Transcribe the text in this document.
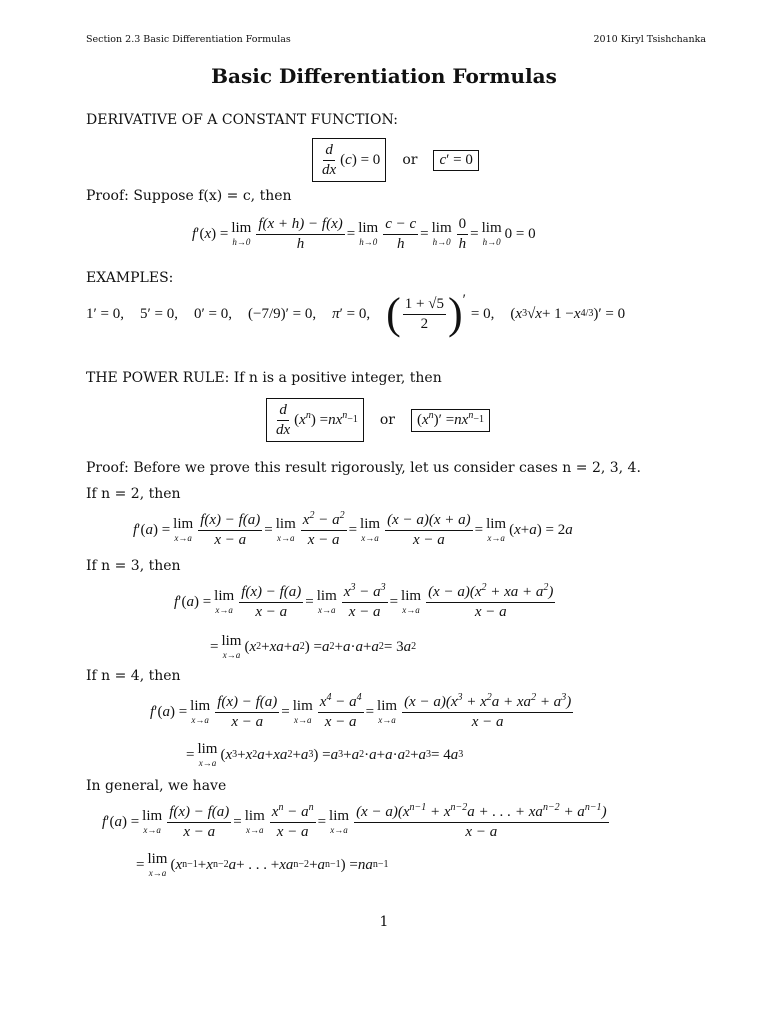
Section 2.3 Basic Differentiation Formulas	2010 Kiryl Tsishchanka
Basic Differentiation Formulas
DERIVATIVE OF A CONSTANT FUNCTION:
$\frac{d}{dx}$ ( c ) = 0	or c ′ = 0
Proof: Suppose f(x) = c, then
f ′( x ) = lim
$h\to 0 \frac{f(x + h) - f(x)}{h} = \lim$
$h\to 0 \frac{c - c}{h} = \lim$
$h\to 0 \frac{0}{h} = \lim$
h→0
0 = 0
EXAMPLES:
1′ = 0, 5′ = 0, 0′ = 0, (−7/9)′ = 0, π ′ = 0, ( $\frac{1 + √5}{2}$ ) ′
= 0, ( x 3 √ x + 1 − x 4/3 )′ = 0
THE POWER RULE: If n is a positive integer, then
$\frac{d}{dx}$ ( $x^n$ ) = $nx^n -1$ or	( $x^n$ )′ = $nx^n -1$
Proof: Before we prove this result rigorously, let us consider cases n = 2, 3, 4.
If n = 2, then
f ′( a ) = lim
$x\to a \frac{f(x) - f(a)}{x - a} = \lim$
$x\to a \frac{x^2 - a^2}{x - a} = \lim$
$x\to a \frac{(x - a)(x + a)}{x - a} = \lim$
x→a
( x + a ) = 2 a
If n = 3, then
f ′( a ) = lim
$x\to a \frac{f(x) - f(a)}{x - a} = \lim$
$x\to a \frac{x^3 - a^3}{x - a} = \lim$
$x\to a \frac{(x - a)(x^2 + xa + a^2)}{x - a}$
= lim
x→a
( x 2 + xa + a 2 ) = a 2 + a · a + a 2 = 3 a 2
If n = 4, then
f ′( a ) = lim
$x\to a \frac{f(x) - f(a)}{x - a} = \lim$
$x\to a \frac{x^4 - a^4}{x - a} = \lim$
$x\to a \frac{(x - a)(x^3 + x^2a + xa^2 + a^3)}{x - a}$
= lim
x→a
( x 3 + x 2 a + xa 2 + a 3 ) = a 3 + a 2 · a + a · a 2 + a 3 = 4 a 3
In general, we have
f ′( a ) = lim
$x\to a \frac{f(x) - f(a)}{x - a} = \lim$
$x\to a \frac{x^n - a^n}{x - a} = \lim$
$x\to a \frac{(x - a)(x^{n-1} + x^{n-2}a + . . . + xa^{n-2} + a^{n-1})}{x - a}$
= lim
x→a
( x n−1 + x n−2 a + . . . + xa n−2 + a n−1 ) = na n−1
1
